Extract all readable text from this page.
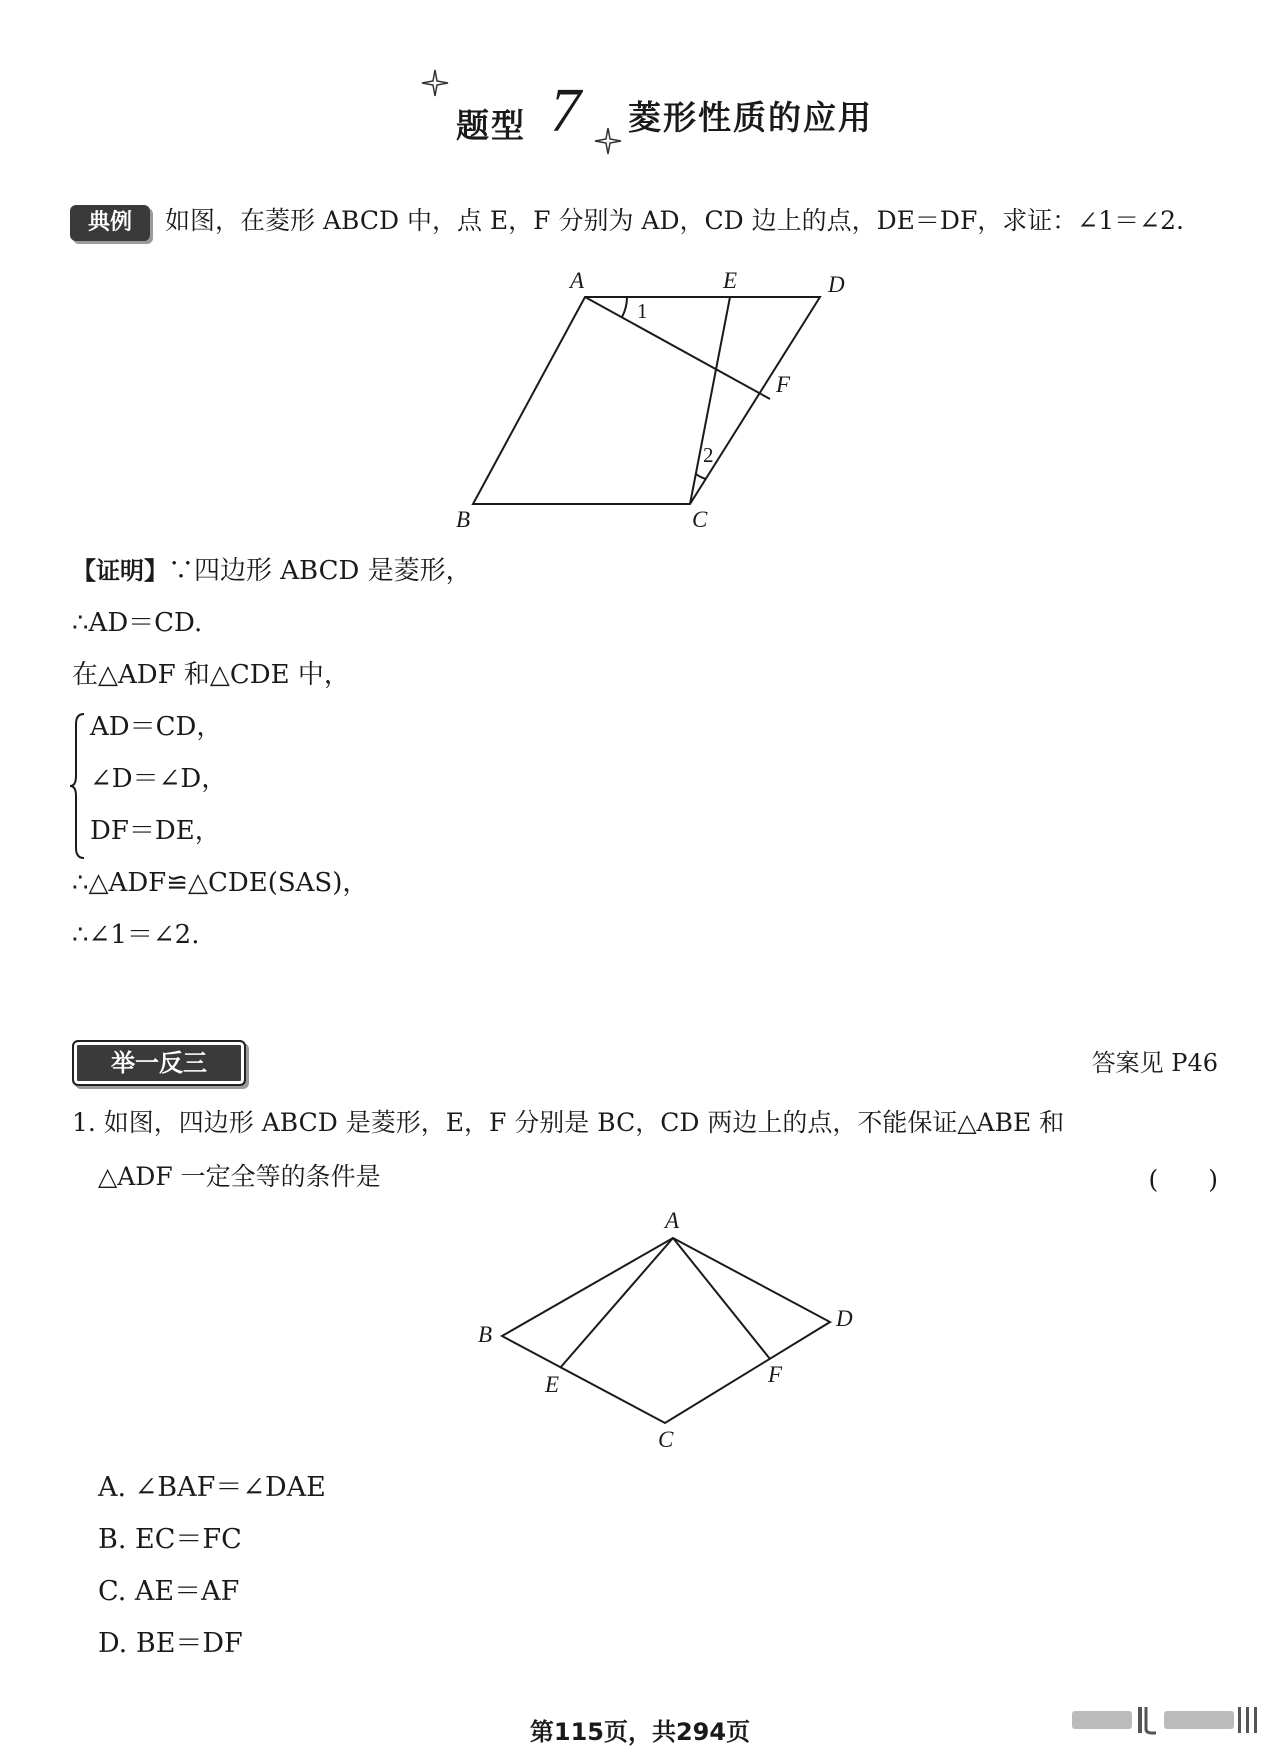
题型 7 菱形性质的应用
典例	如图，在菱形 ABCD 中，点 E，F 分别为 AD，CD 边上的点，DE＝DF，求证：∠1＝∠2.
A	E	D
F
B	C
1
2
【证明】∵四边形 ABCD 是菱形，
∴AD＝CD.
在△ADF 和△CDE 中，
AD＝CD，
∠D＝∠D，
DF＝DE，
∴△ADF≌△CDE(SAS)，
∴∠1＝∠2.
举一反三	答案见 P46
1. 如图，四边形 ABCD 是菱形，E，F 分别是 BC，CD 两边上的点，不能保证△ABE 和
△ADF 一定全等的条件是	(　　)
A
B
D
E	F
C
A. ∠BAF＝∠DAE
B. EC＝FC
C. AE＝AF
D. BE＝DF
第115页，共294页
